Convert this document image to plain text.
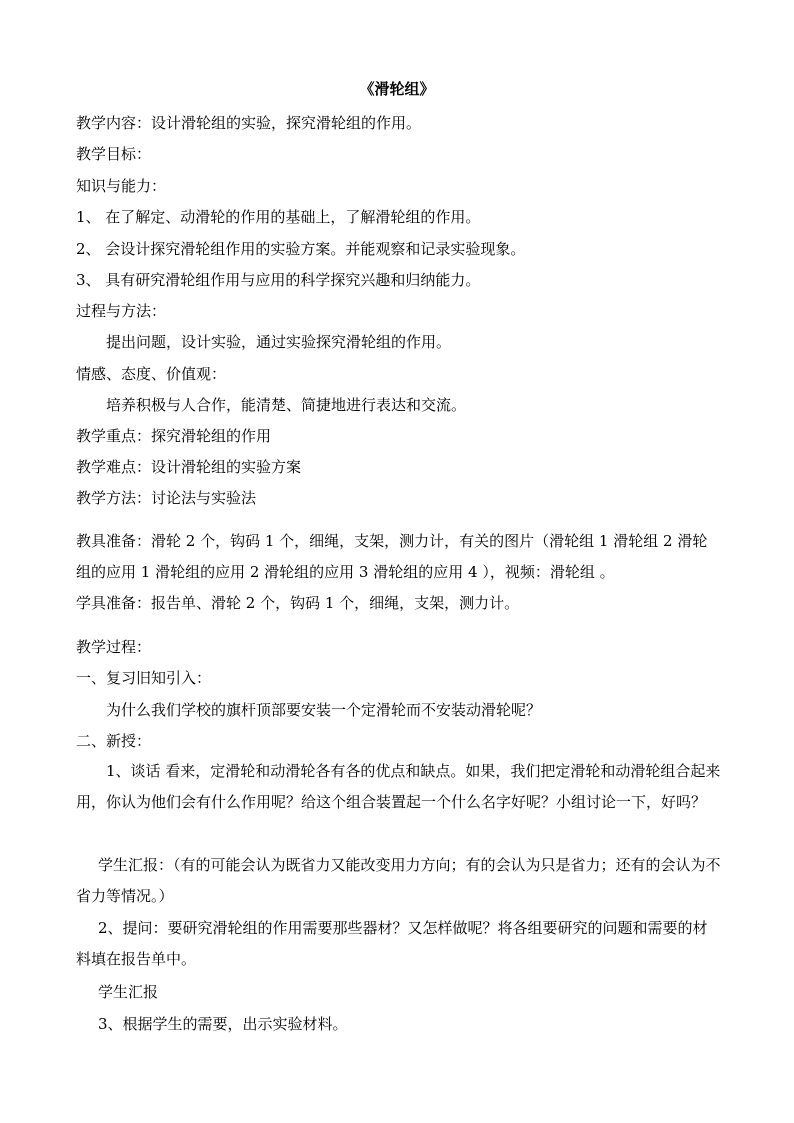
《滑轮组》
教学内容：设计滑轮组的实验，探究滑轮组的作用。
教学目标：
知识与能力：
1、 在了解定、动滑轮的作用的基础上，了解滑轮组的作用。
2、 会设计探究滑轮组作用的实验方案。并能观察和记录实验现象。
3、 具有研究滑轮组作用与应用的科学探究兴趣和归纳能力。
过程与方法：
提出问题，设计实验，通过实验探究滑轮组的作用。
情感、态度、价值观：
培养积极与人合作，能清楚、简捷地进行表达和交流。
教学重点：探究滑轮组的作用
教学难点：设计滑轮组的实验方案
教学方法：讨论法与实验法
教具准备：滑轮 2 个，钩码 1 个，细绳，支架，测力计，有关的图片（滑轮组 1 滑轮组 2 滑轮组的应用 1 滑轮组的应用 2 滑轮组的应用 3 滑轮组的应用 4 ），视频：滑轮组 。
学具准备：报告单、滑轮 2 个，钩码 1 个，细绳，支架，测力计。
教学过程：
一、复习旧知引入：
为什么我们学校的旗杆顶部要安装一个定滑轮而不安装动滑轮呢？
二、新授：
1、谈话 看来，定滑轮和动滑轮各有各的优点和缺点。如果，我们把定滑轮和动滑轮组合起来用，你认为他们会有什么作用呢？给这个组合装置起一个什么名字好呢？小组讨论一下，好吗？
学生汇报：（有的可能会认为既省力又能改变用力方向；有的会认为只是省力；还有的会认为不省力等情况。）
2、提问：要研究滑轮组的作用需要那些器材？又怎样做呢？将各组要研究的问题和需要的材料填在报告单中。
学生汇报
3、根据学生的需要，出示实验材料。
